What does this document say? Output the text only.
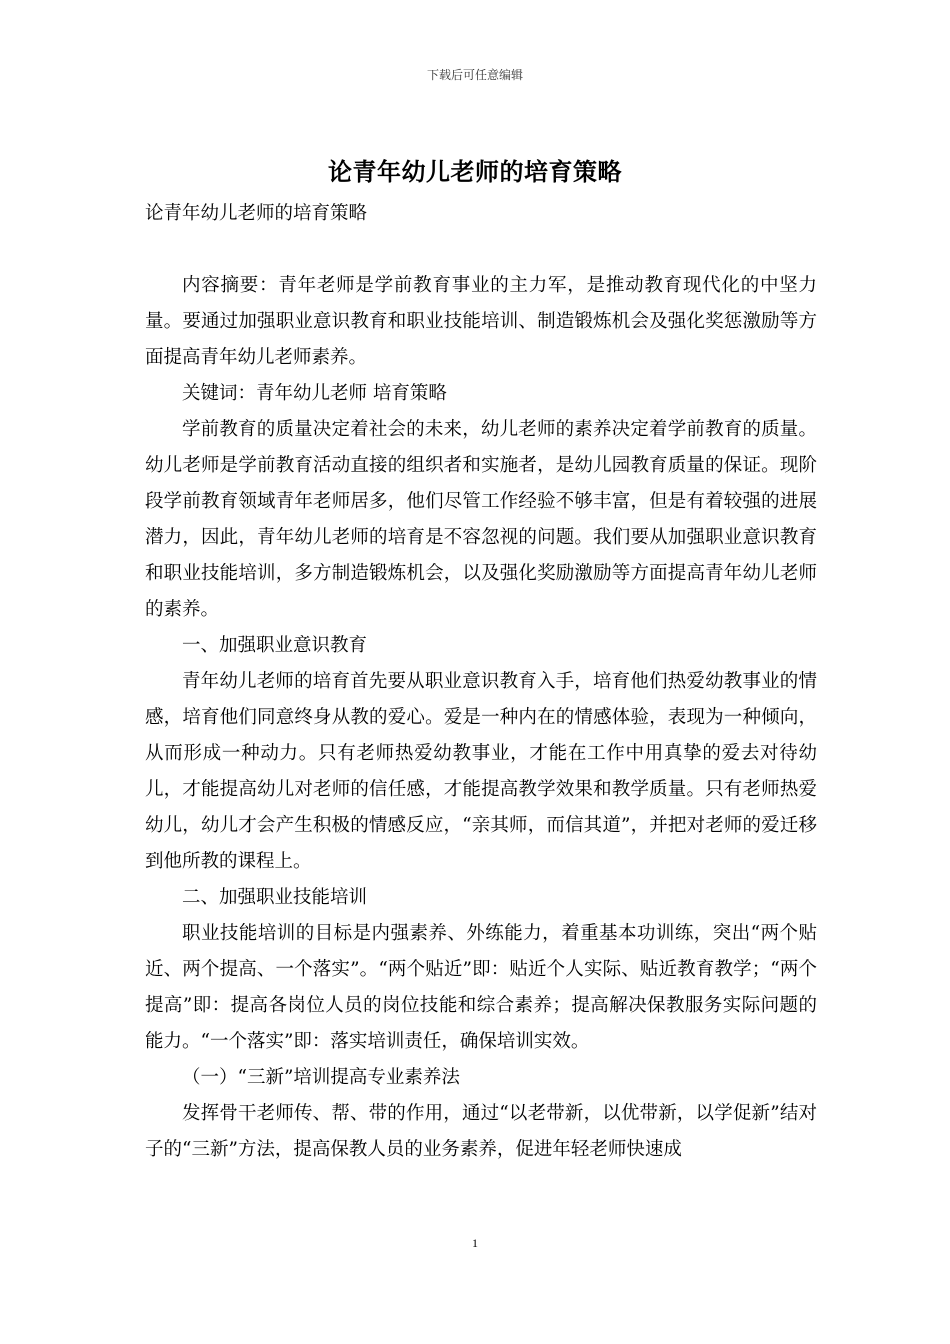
下载后可任意编辑
论青年幼儿老师的培育策略

论青年幼儿老师的培育策略

内容摘要：青年老师是学前教育事业的主力军，是推动教育现代化的中坚力量。要通过加强职业意识教育和职业技能培训、制造锻炼机会及强化奖惩激励等方面提高青年幼儿老师素养。

关键词：青年幼儿老师 培育策略

学前教育的质量决定着社会的未来，幼儿老师的素养决定着学前教育的质量。幼儿老师是学前教育活动直接的组织者和实施者，是幼儿园教育质量的保证。现阶段学前教育领域青年老师居多，他们尽管工作经验不够丰富，但是有着较强的进展潜力，因此，青年幼儿老师的培育是不容忽视的问题。我们要从加强职业意识教育和职业技能培训，多方制造锻炼机会，以及强化奖励激励等方面提高青年幼儿老师的素养。

一、加强职业意识教育

青年幼儿老师的培育首先要从职业意识教育入手，培育他们热爱幼教事业的情感，培育他们同意终身从教的爱心。爱是一种内在的情感体验，表现为一种倾向，从而形成一种动力。只有老师热爱幼教事业，才能在工作中用真挚的爱去对待幼儿，才能提高幼儿对老师的信任感，才能提高教学效果和教学质量。只有老师热爱幼儿，幼儿才会产生积极的情感反应，“亲其师，而信其道”，并把对老师的爱迁移到他所教的课程上。

二、加强职业技能培训

职业技能培训的目标是内强素养、外练能力，着重基本功训练，突出“两个贴近、两个提高、一个落实”。“两个贴近”即：贴近个人实际、贴近教育教学；“两个提高”即：提高各岗位人员的岗位技能和综合素养；提高解决保教服务实际问题的能力。“一个落实”即：落实培训责任，确保培训实效。

（一）“三新”培训提高专业素养法

发挥骨干老师传、帮、带的作用，通过“以老带新，以优带新，以学促新”结对子的“三新”方法，提高保教人员的业务素养，促进年轻老师快速成

1
